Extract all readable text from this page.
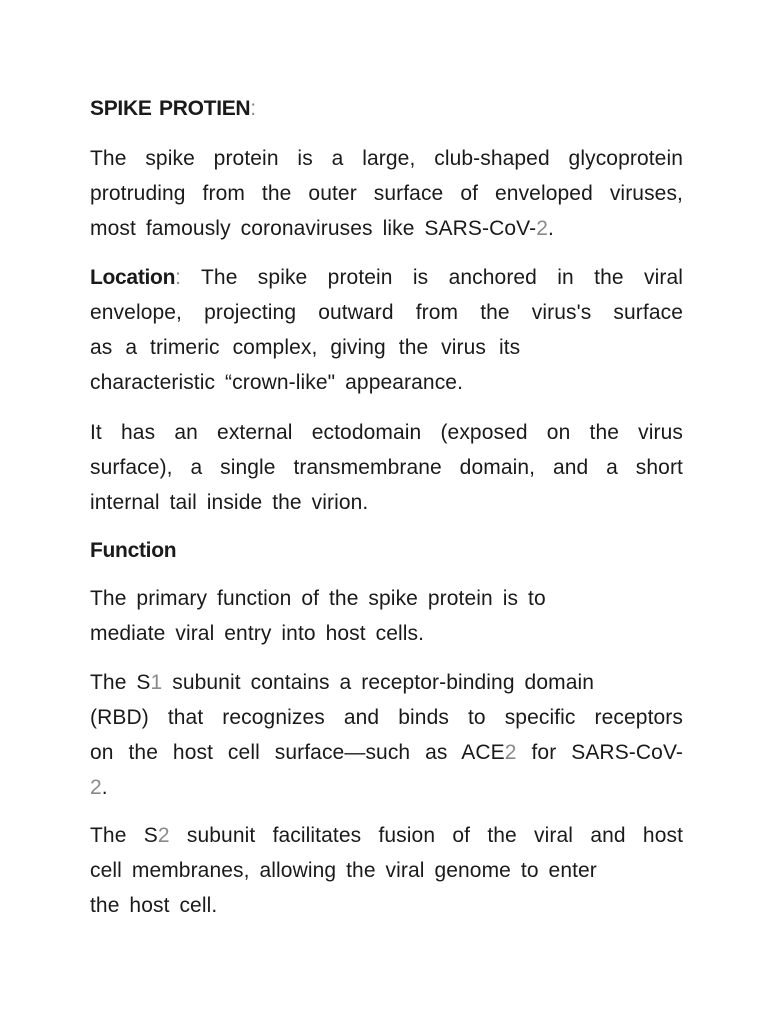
SPIKE PROTIEN:
The spike protein is a large, club-shaped glycoprotein
protruding from the outer surface of enveloped viruses,
most famously coronaviruses like SARS-CoV-2.
Location: The spike protein is anchored in the viral
envelope, projecting outward from the virus's surface
as a trimeric complex, giving the virus its
characteristic “crown-like" appearance.
It has an external ectodomain (exposed on the virus
surface), a single transmembrane domain, and a short
internal tail inside the virion.
Function
The primary function of the spike protein is to
mediate viral entry into host cells.
The S1 subunit contains a receptor-binding domain
(RBD) that recognizes and binds to specific receptors
on the host cell surface—such as ACE2 for SARS-CoV-
2.
The S2 subunit facilitates fusion of the viral and host
cell membranes, allowing the viral genome to enter
the host cell.
